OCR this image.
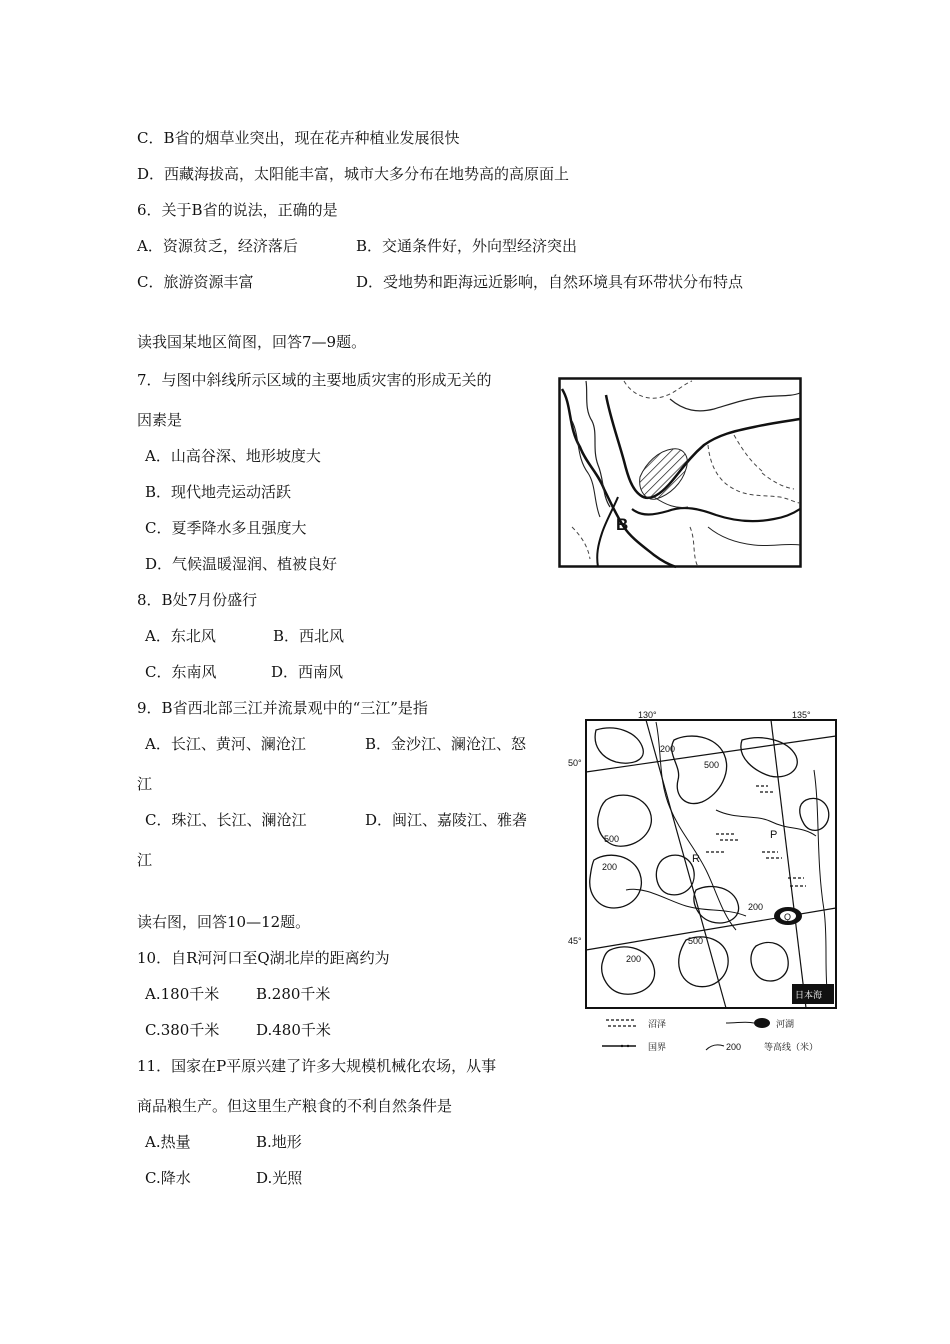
C．B省的烟草业突出，现在花卉种植业发展很快
D．西藏海拔高，太阳能丰富，城市大多分布在地势高的高原面上
6．关于B省的说法，正确的是
A．资源贫乏，经济落后	B．交通条件好，外向型经济突出
C．旅游资源丰富	D．受地势和距海远近影响，自然环境具有环带状分布特点
读我国某地区简图，回答7—9题。
7．与图中斜线所示区域的主要地质灾害的形成无关的
因素是
A．山高谷深、地形坡度大
B．现代地壳运动活跃
C．夏季降水多且强度大
D．气候温暖湿润、植被良好
8．B处7月份盛行
A．东北风	B．西北风
C．东南风	D．西南风
9．B省西北部三江并流景观中的“三江”是指
A．长江、黄河、澜沧江	B．金沙江、澜沧江、怒
江
C．珠江、长江、澜沧江	D．闽江、嘉陵江、雅砻
江
读右图，回答10—12题。
10．自R河河口至Q湖北岸的距离约为
A.180千米 B.280千米
C.380千米 D.480千米
11．国家在P平原兴建了许多大规模机械化农场，从事
商品粮生产。但这里生产粮食的不利自然条件是
A.热量	B.地形
C.降水	D.光照
B
130°	135°
50°
45°
200
500
500
200
200
500
200
P
R
Q
日本海
沼泽	河湖
国界	200	等高线（米）
